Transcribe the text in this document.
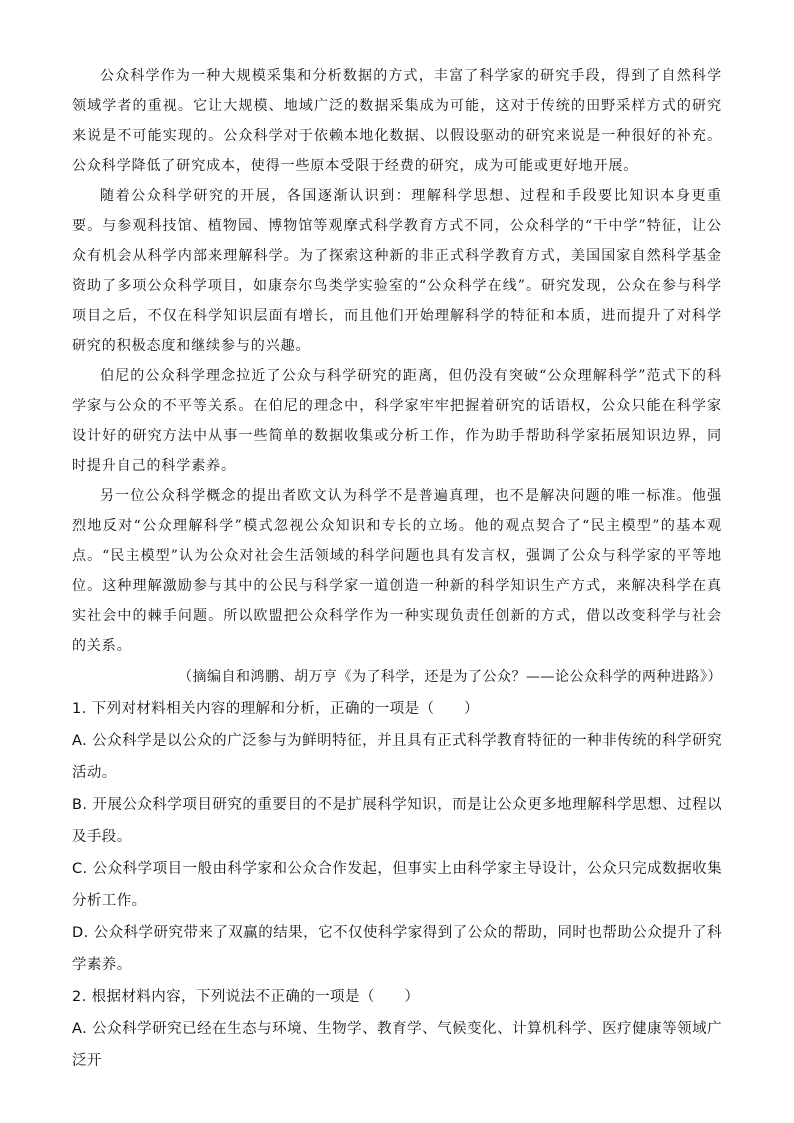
公众科学作为一种大规模采集和分析数据的方式，丰富了科学家的研究手段，得到了自然科学领域学者的重视。它让大规模、地域广泛的数据采集成为可能，这对于传统的田野采样方式的研究来说是不可能实现的。公众科学对于依赖本地化数据、以假设驱动的研究来说是一种很好的补充。公众科学降低了研究成本，使得一些原本受限于经费的研究，成为可能或更好地开展。

随着公众科学研究的开展，各国逐渐认识到：理解科学思想、过程和手段要比知识本身更重要。与参观科技馆、植物园、博物馆等观摩式科学教育方式不同，公众科学的“干中学”特征，让公众有机会从科学内部来理解科学。为了探索这种新的非正式科学教育方式，美国国家自然科学基金资助了多项公众科学项目，如康奈尔鸟类学实验室的“公众科学在线”。研究发现，公众在参与科学项目之后，不仅在科学知识层面有增长，而且他们开始理解科学的特征和本质，进而提升了对科学研究的积极态度和继续参与的兴趣。

伯尼的公众科学理念拉近了公众与科学研究的距离，但仍没有突破“公众理解科学”范式下的科学家与公众的不平等关系。在伯尼的理念中，科学家牢牢把握着研究的话语权，公众只能在科学家设计好的研究方法中从事一些简单的数据收集或分析工作，作为助手帮助科学家拓展知识边界，同时提升自己的科学素养。

另一位公众科学概念的提出者欧文认为科学不是普遍真理，也不是解决问题的唯一标准。他强烈地反对“公众理解科学”模式忽视公众知识和专长的立场。他的观点契合了“民主模型”的基本观点。“民主模型”认为公众对社会生活领域的科学问题也具有发言权，强调了公众与科学家的平等地位。这种理解激励参与其中的公民与科学家一道创造一种新的科学知识生产方式，来解决科学在真实社会中的棘手问题。所以欧盟把公众科学作为一种实现负责任创新的方式，借以改变科学与社会的关系。

（摘编自和鸿鹏、胡万亨《为了科学，还是为了公众？——论公众科学的两种进路》）

1. 下列对材料相关内容的理解和分析，正确的一项是（　　）

A. 公众科学是以公众的广泛参与为鲜明特征，并且具有正式科学教育特征的一种非传统的科学研究活动。

B. 开展公众科学项目研究的重要目的不是扩展科学知识，而是让公众更多地理解科学思想、过程以及手段。

C. 公众科学项目一般由科学家和公众合作发起，但事实上由科学家主导设计，公众只完成数据收集分析工作。

D. 公众科学研究带来了双赢的结果，它不仅使科学家得到了公众的帮助，同时也帮助公众提升了科学素养。

2. 根据材料内容，下列说法不正确的一项是（　　）

A. 公众科学研究已经在生态与环境、生物学、教育学、气候变化、计算机科学、医疗健康等领域广泛开
